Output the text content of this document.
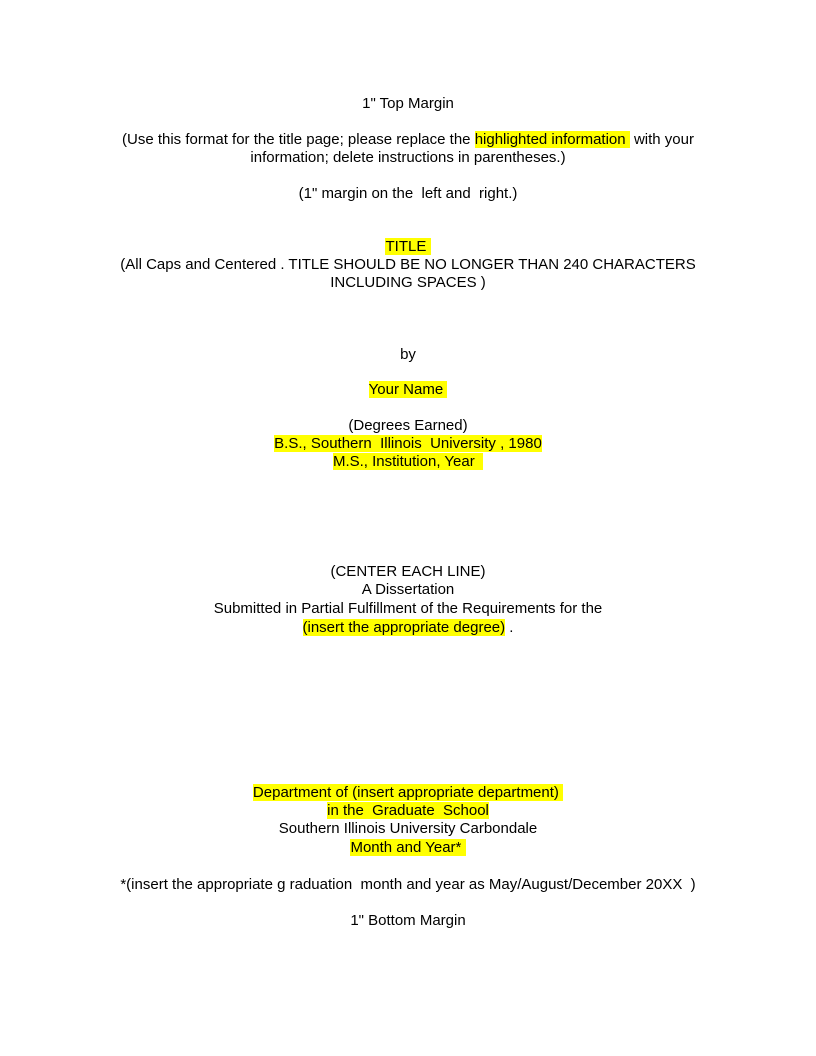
1" Top Margin
(Use this format for the title page; please replace the highlighted information  with your
information; delete instructions in parentheses.)
(1" margin on the  left and  right.)
TITLE
(All Caps and Centered . TITLE SHOULD BE NO LONGER THAN 240 CHARACTERS
INCLUDING SPACES )
by
Your Name
(Degrees Earned)
B.S., Southern  Illinois  University , 1980
M.S., Institution, Year
(CENTER EACH LINE)
A Dissertation
Submitted in Partial Fulfillment of the Requirements for the
(insert the appropriate degree) .
Department of (insert appropriate department)
in the  Graduate  School
Southern Illinois University Carbondale
Month and Year*
*(insert the appropriate g raduation  month and year as May/August/December 20XX  )
1" Bottom Margin
